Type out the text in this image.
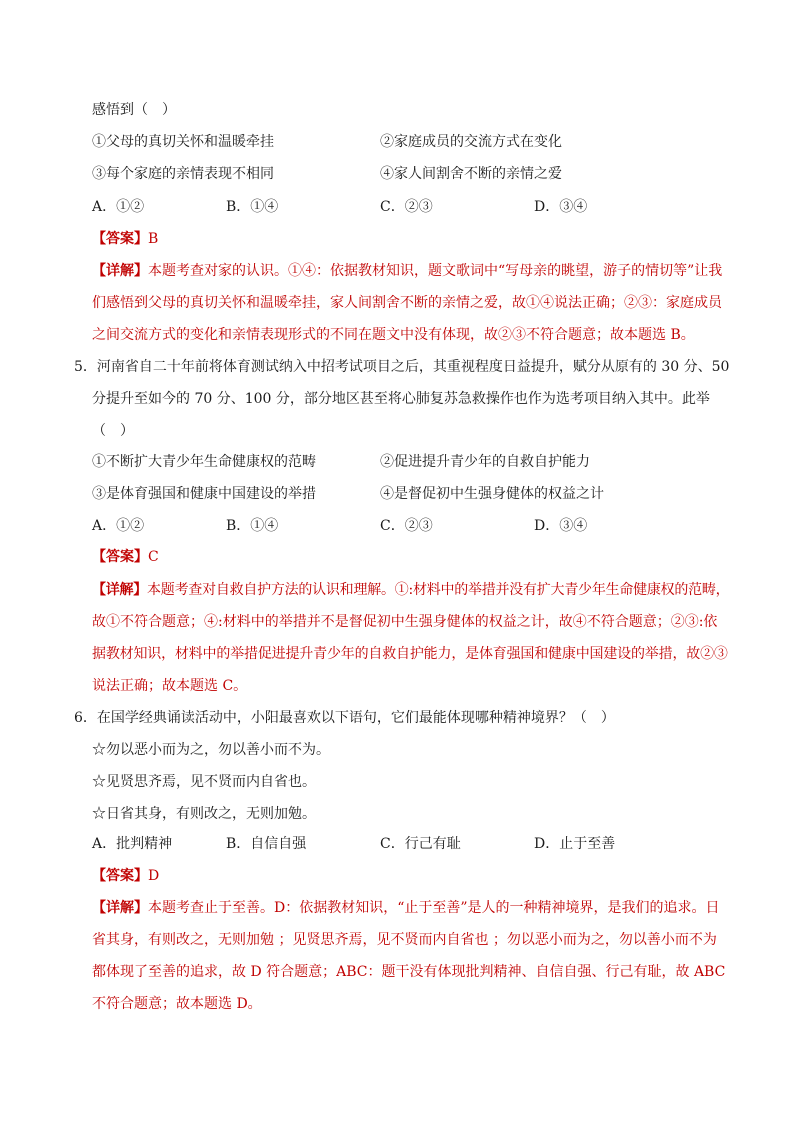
感悟到（　）
①父母的真切关怀和温暖牵挂	②家庭成员的交流方式在变化
③每个家庭的亲情表现不相同	④家人间割舍不断的亲情之爱
A．①②	B．①④	C．②③	D．③④
【答案】B
【详解】本题考查对家的认识。①④：依据教材知识，题文歌词中“写母亲的眺望，游子的情切等”让我
们感悟到父母的真切关怀和温暖牵挂，家人间割舍不断的亲情之爱，故①④说法正确；②③：家庭成员
之间交流方式的变化和亲情表现形式的不同在题文中没有体现，故②③不符合题意；故本题选 B。
5．河南省自二十年前将体育测试纳入中招考试项目之后，其重视程度日益提升，赋分从原有的 30 分、50
分提升至如今的 70 分、100 分，部分地区甚至将心肺复苏急救操作也作为选考项目纳入其中。此举
（　）
①不断扩大青少年生命健康权的范畴	②促进提升青少年的自救自护能力
③是体育强国和健康中国建设的举措	④是督促初中生强身健体的权益之计
A．①②	B．①④	C．②③	D．③④
【答案】C
【详解】本题考查对自救自护方法的认识和理解。①:材料中的举措并没有扩大青少年生命健康权的范畴，
故①不符合题意；④:材料中的举措并不是督促初中生强身健体的权益之计，故④不符合题意；②③:依
据教材知识，材料中的举措促进提升青少年的自救自护能力，是体育强国和健康中国建设的举措，故②③
说法正确；故本题选 C。
6．在国学经典诵读活动中，小阳最喜欢以下语句，它们最能体现哪种精神境界？（　）
☆勿以恶小而为之，勿以善小而不为。
☆见贤思齐焉，见不贤而内自省也。
☆日省其身，有则改之，无则加勉。
A．批判精神	B．自信自强	C．行己有耻	D．止于至善
【答案】D
【详解】本题考查止于至善。D：依据教材知识，“止于至善”是人的一种精神境界，是我们的追求。日
省其身，有则改之，无则加勉 ；见贤思齐焉，见不贤而内自省也 ；勿以恶小而为之，勿以善小而不为
都体现了至善的追求，故 D 符合题意；ABC：题干没有体现批判精神、自信自强、行己有耻，故 ABC
不符合题意；故本题选 D。
